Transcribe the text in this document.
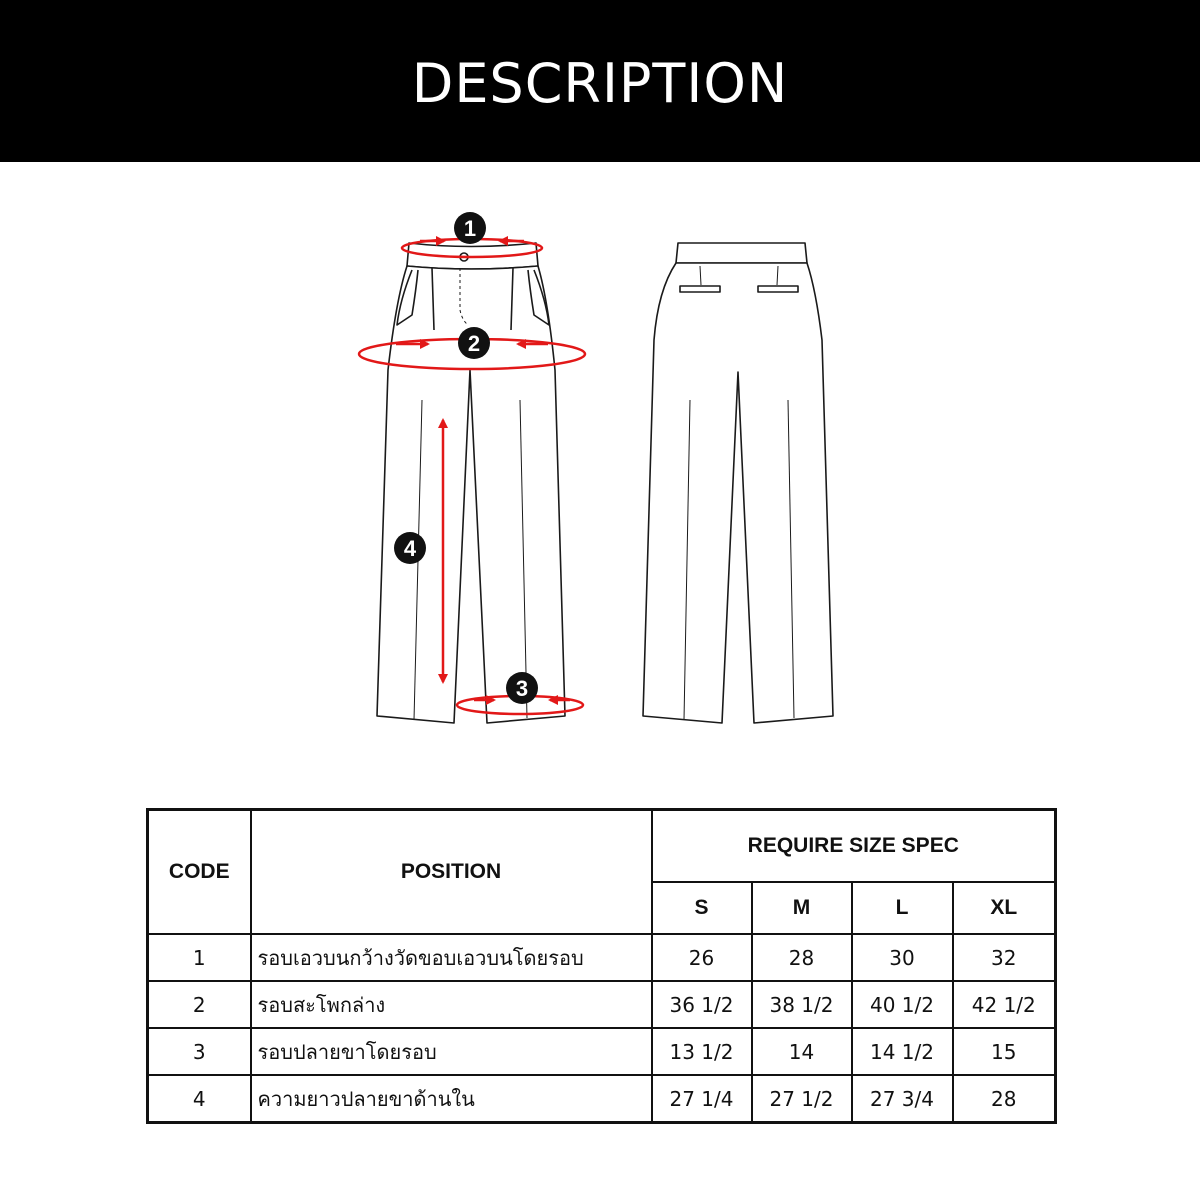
DESCRIPTION
1
2
3
4
CODE	POSITION	REQUIRE SIZE SPEC			
		S	M	L	XL
1	รอบเอวบนกว้างวัดขอบเอวบนโดยรอบ	26	28	30	32
2	รอบสะโพกล่าง	36 1/2	38 1/2	40 1/2	42 1/2
3	รอบปลายขาโดยรอบ	13 1/2	14	14 1/2	15
4	ความยาวปลายขาด้านใน	27 1/4	27 1/2	27 3/4	28
